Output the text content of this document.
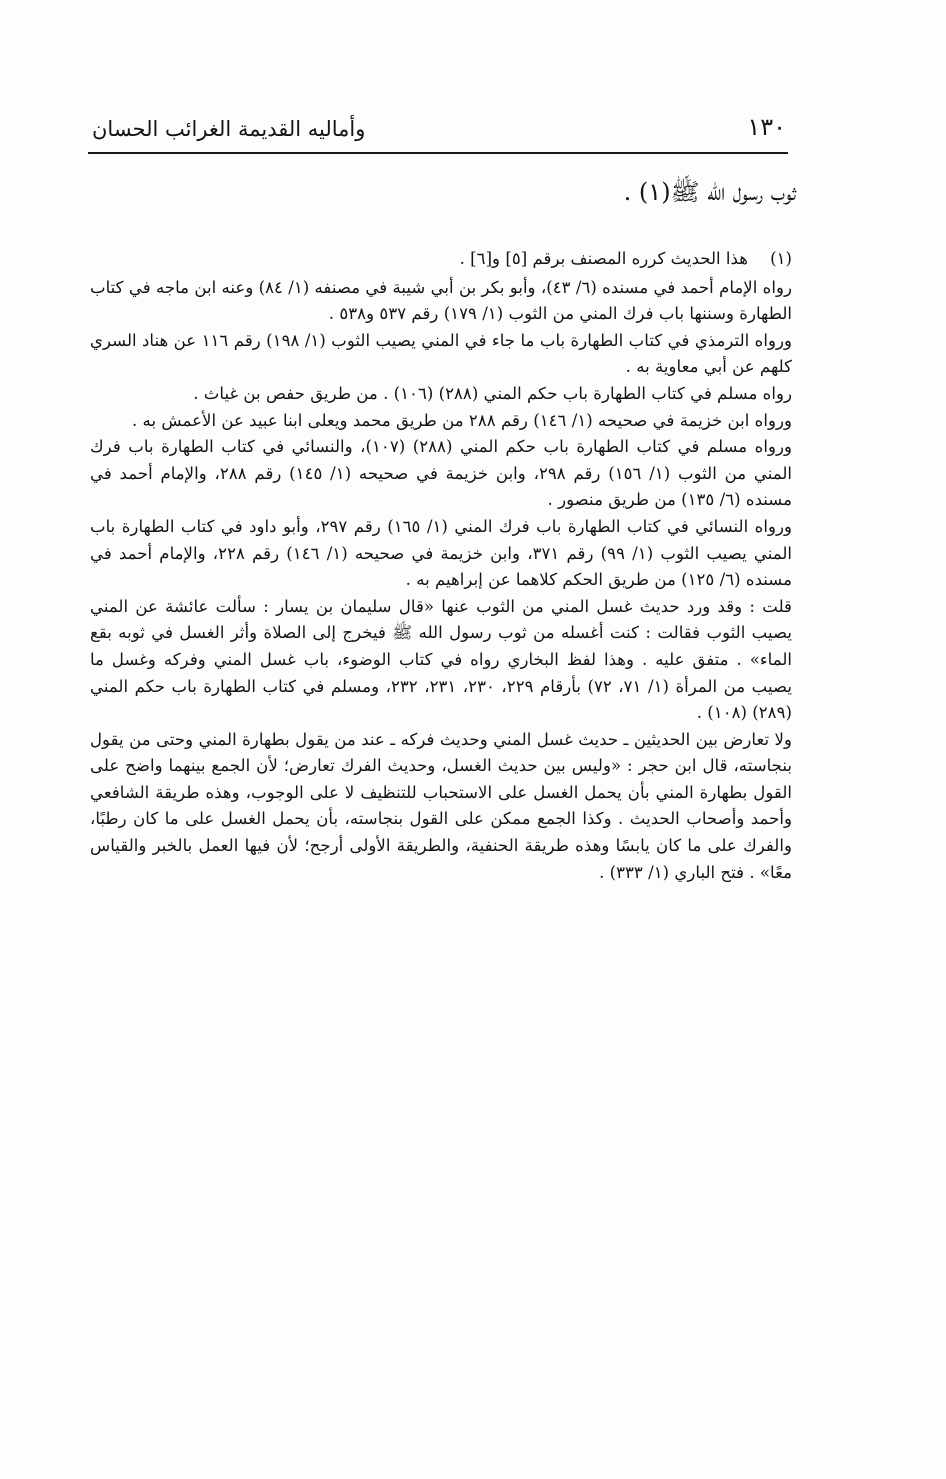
١٣٠
وأماليه القديمة الغرائب الحسان
ثوب رسول الله ﷺ(١) .
(١)
هذا الحديث كرره المصنف برقم [٥] و[٦] .

رواه الإمام أحمد في مسنده (٦/ ٤٣)، وأبو بكر بن أبي شيبة في مصنفه (١/ ٨٤) وعنه ابن ماجه في كتاب الطهارة وسننها باب فرك المني من الثوب (١/ ١٧٩) رقم ٥٣٧ و٥٣٨ .

ورواه الترمذي في كتاب الطهارة باب ما جاء في المني يصيب الثوب (١/ ١٩٨) رقم ١١٦ عن هناد السري كلهم عن أبي معاوية به .

رواه مسلم في كتاب الطهارة باب حكم المني (٢٨٨) (١٠٦) . من طريق حفص بن غياث .

ورواه ابن خزيمة في صحيحه (١/ ١٤٦) رقم ٢٨٨ من طريق محمد ويعلى ابنا عبيد عن الأعمش به .

ورواه مسلم في كتاب الطهارة باب حكم المني (٢٨٨) (١٠٧)، والنسائي في كتاب الطهارة باب فرك المني من الثوب (١/ ١٥٦) رقم ٢٩٨، وابن خزيمة في صحيحه (١/ ١٤٥) رقم ٢٨٨، والإمام أحمد في مسنده (٦/ ١٣٥) من طريق منصور .

ورواه النسائي في كتاب الطهارة باب فرك المني (١/ ١٦٥) رقم ٢٩٧، وأبو داود في كتاب الطهارة باب المني يصيب الثوب (١/ ٩٩) رقم ٣٧١، وابن خزيمة في صحيحه (١/ ١٤٦) رقم ٢٢٨، والإمام أحمد في مسنده (٦/ ١٢٥) من طريق الحكم كلاهما عن إبراهيم به .

قلت : وقد ورد حديث غسل المني من الثوب عنها «قال سليمان بن يسار : سألت عائشة عن المني يصيب الثوب فقالت : كنت أغسله من ثوب رسول الله ﷺ فيخرج إلى الصلاة وأثر الغسل في ثوبه بقع الماء» . متفق عليه . وهذا لفظ البخاري رواه في كتاب الوضوء، باب غسل المني وفركه وغسل ما يصيب من المرأة (١/ ٧١، ٧٢) بأرقام ٢٢٩، ٢٣٠، ٢٣١، ٢٣٢، ومسلم في كتاب الطهارة باب حكم المني (٢٨٩) (١٠٨) .

ولا تعارض بين الحديثين ـ حديث غسل المني وحديث فركه ـ عند من يقول بطهارة المني وحتى من يقول بنجاسته، قال ابن حجر : «وليس بين حديث الغسل، وحديث الفرك تعارض؛ لأن الجمع بينهما واضح على القول بطهارة المني بأن يحمل الغسل على الاستحباب للتنظيف لا على الوجوب، وهذه طريقة الشافعي وأحمد وأصحاب الحديث . وكذا الجمع ممكن على القول بنجاسته، بأن يحمل الغسل على ما كان رطبًا، والفرك على ما كان يابسًا وهذه طريقة الحنفية، والطريقة الأولى أرجح؛ لأن فيها العمل بالخبر والقياس معًا» . فتح الباري (١/ ٣٣٣) .
